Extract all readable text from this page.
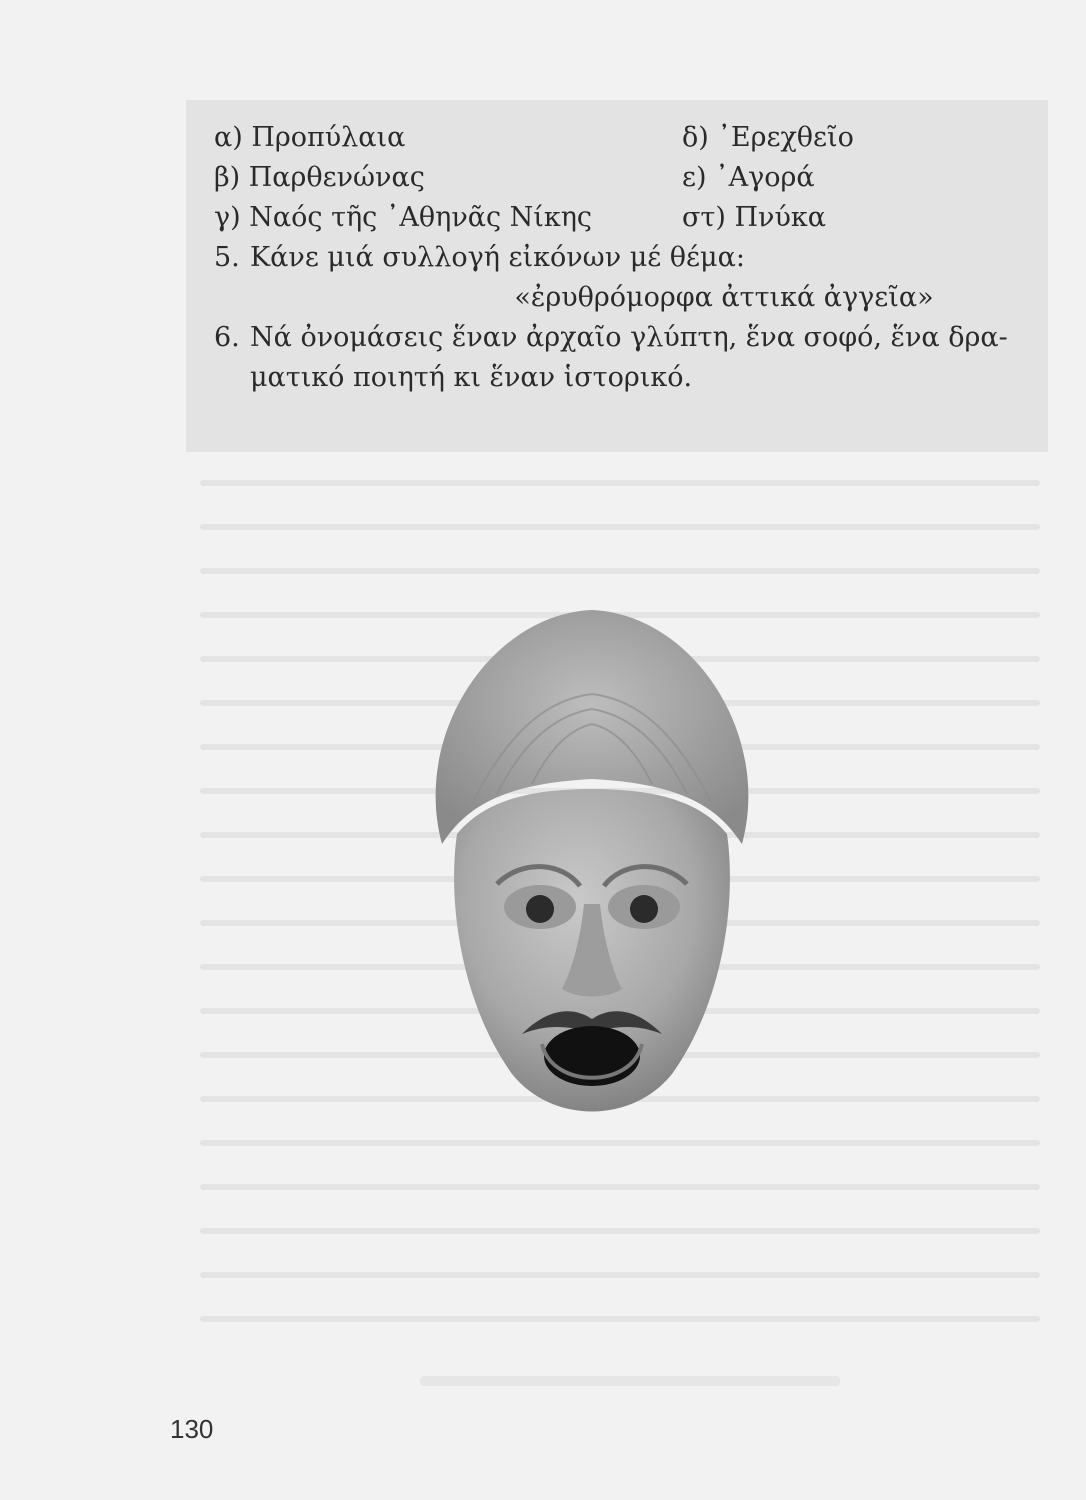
α) Προπύλαια	δ) ᾿Ερεχθεῖο
β) Παρθενώνας	ε) ᾿Αγορά
γ) Ναός τῆς ᾿Αθηνᾶς Νίκης	στ) Πνύκα
5. Κάνε μιά συλλογή εἰκόνων μέ θέμα:
«ἐρυθρόμορφα ἀττικά ἀγγεῖα»
6. Νά ὀνομάσεις ἕναν ἀρχαῖο γλύπτη, ἕνα σοφό, ἕνα δρα-
ματικό ποιητή κι ἕναν ἱστορικό.
130
